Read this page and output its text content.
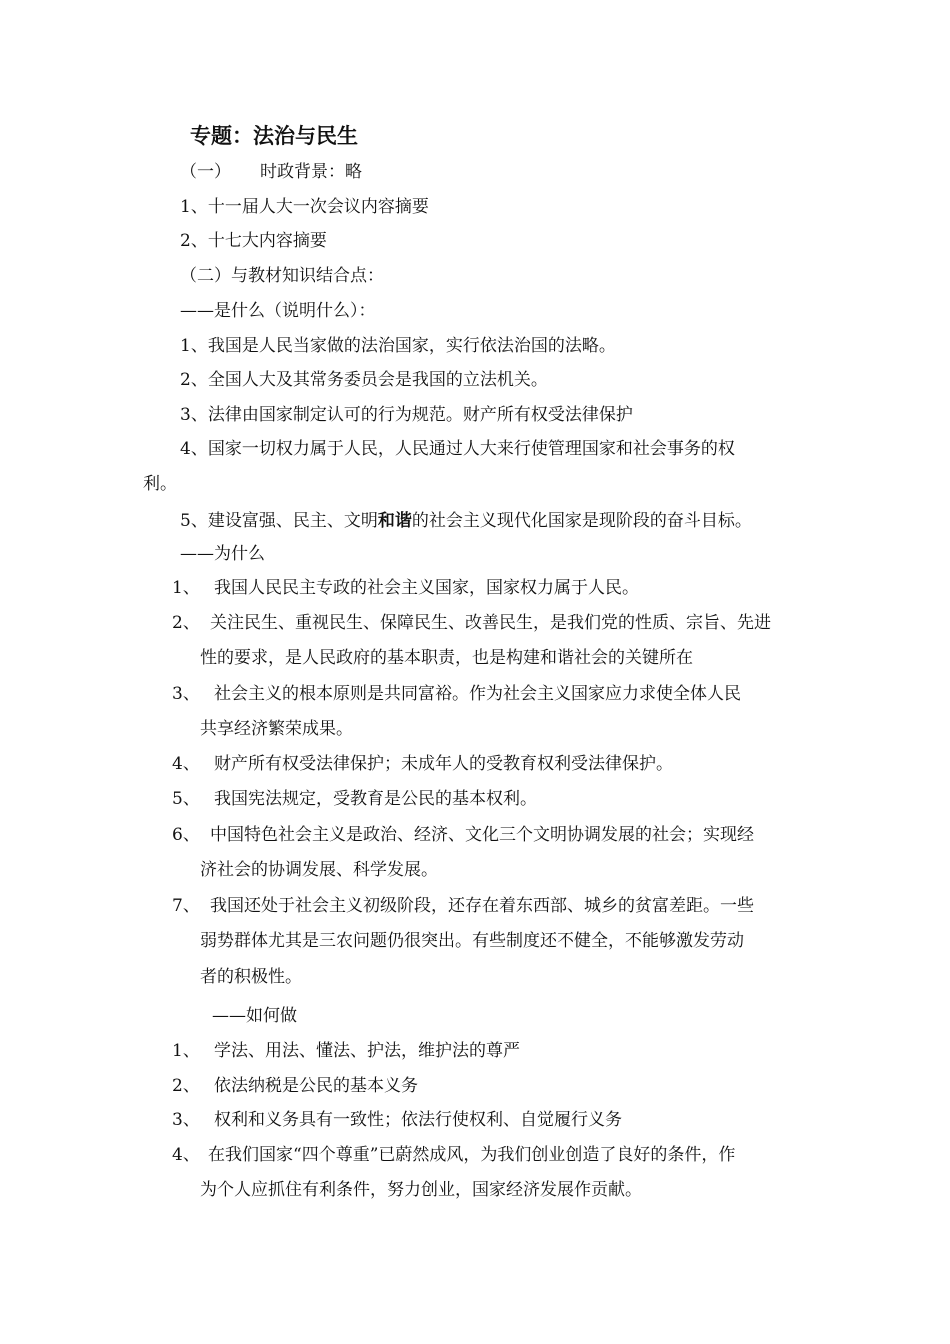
专题：法治与民生
（一） 时政背景：略
1、十一届人大一次会议内容摘要
2、十七大内容摘要
（二）与教材知识结合点：
——是什么（说明什么）：
1、我国是人民当家做的法治国家，实行依法治国的法略。
2、全国人大及其常务委员会是我国的立法机关。
3、法律由国家制定认可的行为规范。财产所有权受法律保护
4、国家一切权力属于人民，人民通过人大来行使管理国家和社会事务的权
利。
5、建设富强、民主、文明和谐的社会主义现代化国家是现阶段的奋斗目标。
——为什么
1、 我国人民民主专政的社会主义国家，国家权力属于人民。
2、 关注民生、重视民生、保障民生、改善民生，是我们党的性质、宗旨、先进
性的要求，是人民政府的基本职责，也是构建和谐社会的关键所在
3、 社会主义的根本原则是共同富裕。作为社会主义国家应力求使全体人民
共享经济繁荣成果。
4、 财产所有权受法律保护；未成年人的受教育权利受法律保护。
5、 我国宪法规定，受教育是公民的基本权利。
6、 中国特色社会主义是政治、经济、文化三个文明协调发展的社会；实现经
济社会的协调发展、科学发展。
7、 我国还处于社会主义初级阶段，还存在着东西部、城乡的贫富差距。一些
弱势群体尤其是三农问题仍很突出。有些制度还不健全，不能够激发劳动
者的积极性。
——如何做
1、 学法、用法、懂法、护法，维护法的尊严
2、 依法纳税是公民的基本义务
3、 权利和义务具有一致性；依法行使权利、自觉履行义务
4、 在我们国家“四个尊重”已蔚然成风，为我们创业创造了良好的条件，作
为个人应抓住有利条件，努力创业，国家经济发展作贡献。
